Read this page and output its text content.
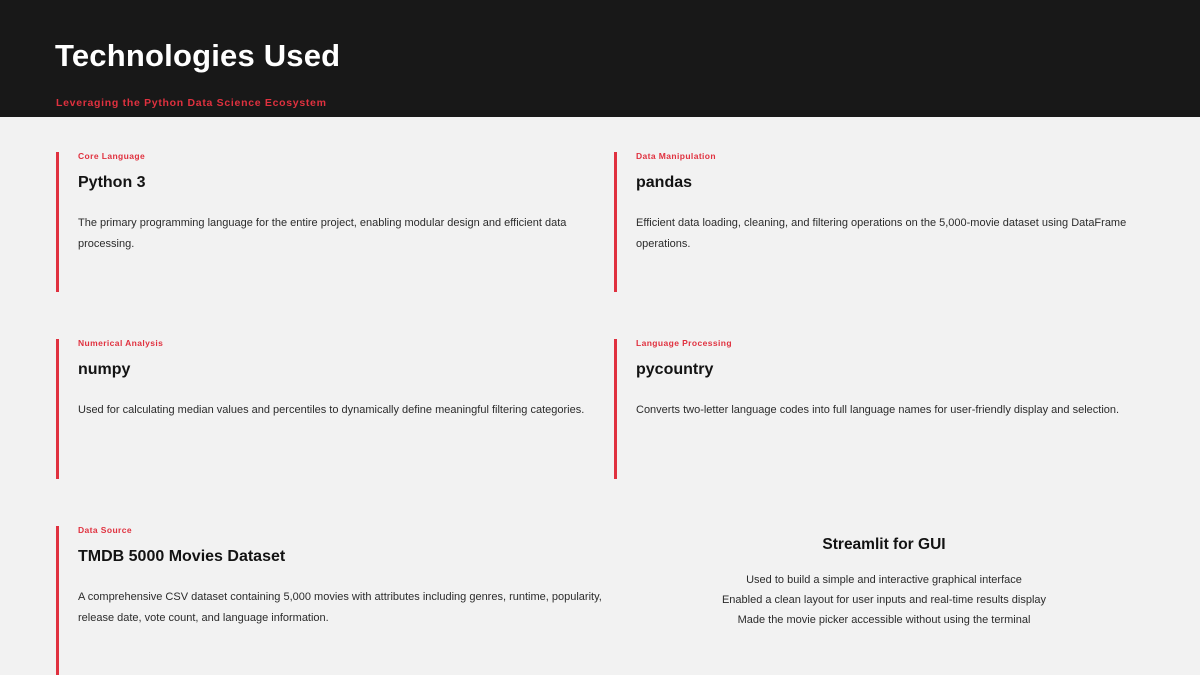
Technologies Used
Leveraging the Python Data Science Ecosystem
Core Language
Python 3
The primary programming language for the entire project, enabling modular design and efficient data processing.
Data Manipulation
pandas
Efficient data loading, cleaning, and filtering operations on the 5,000-movie dataset using DataFrame operations.
Numerical Analysis
numpy
Used for calculating median values and percentiles to dynamically define meaningful filtering categories.
Language Processing
pycountry
Converts two-letter language codes into full language names for user-friendly display and selection.
Data Source
TMDB 5000 Movies Dataset
A comprehensive CSV dataset containing 5,000 movies with attributes including genres, runtime, popularity, release date, vote count, and language information.
Streamlit for GUI
Used to build a simple and interactive graphical interface
Enabled a clean layout for user inputs and real-time results display
Made the movie picker accessible without using the terminal
